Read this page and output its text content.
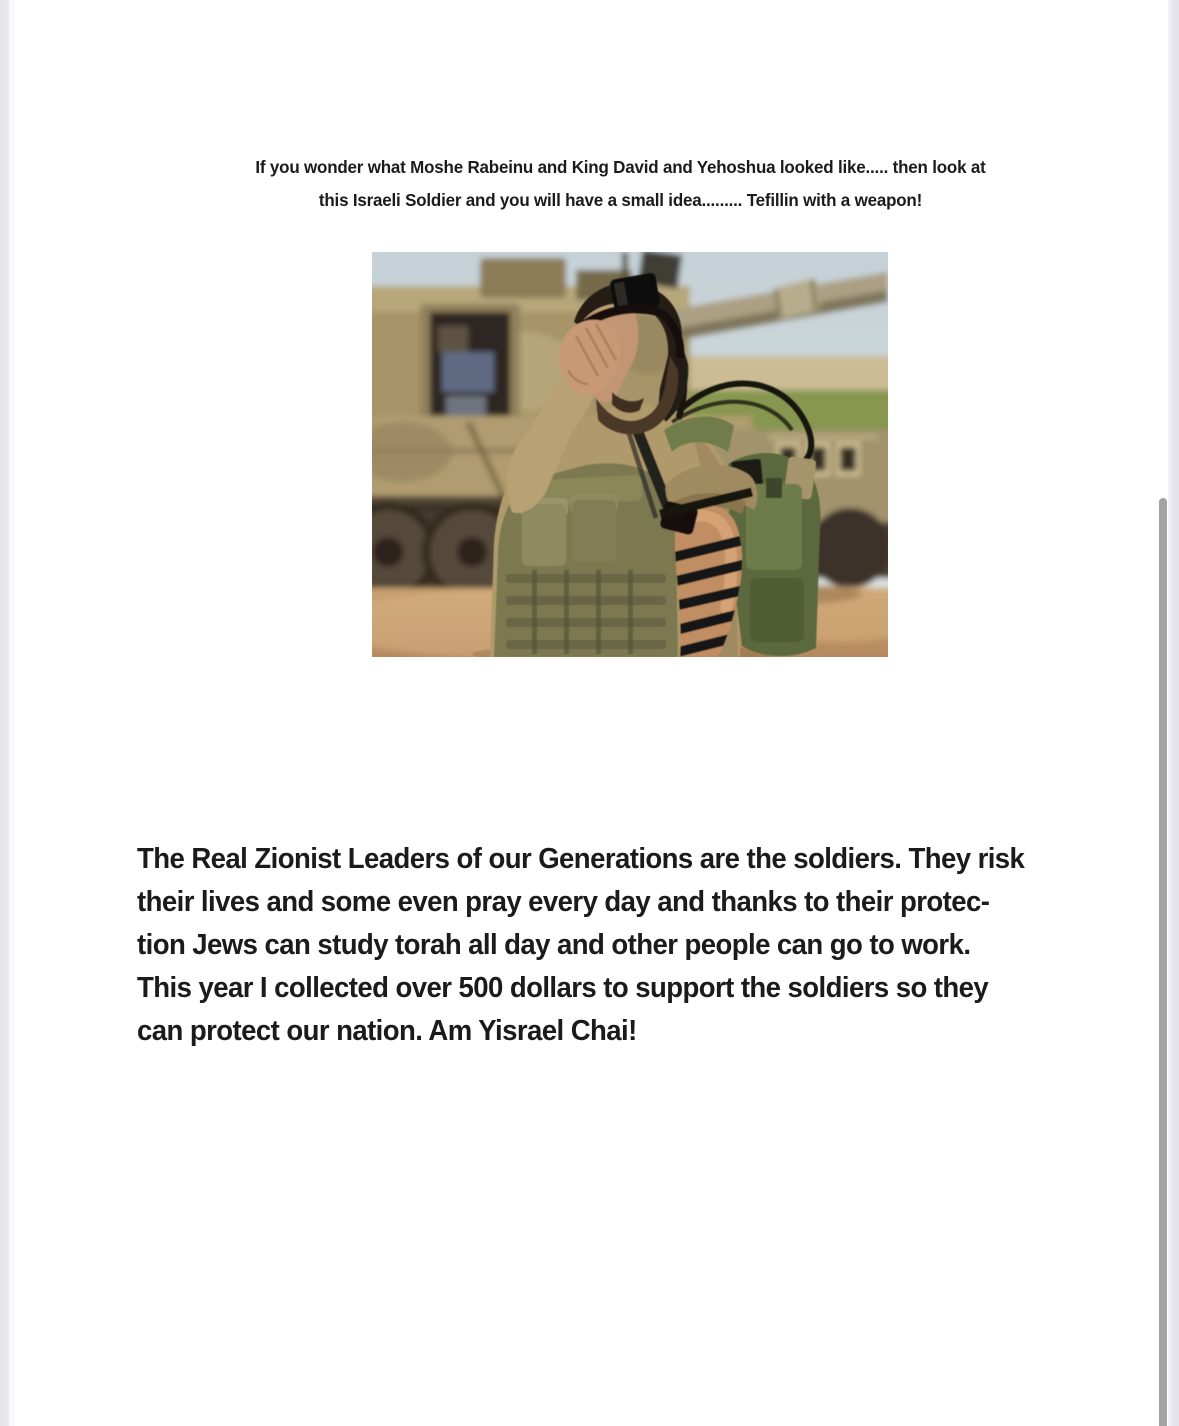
If you wonder what Moshe Rabeinu and King David and Yehoshua looked like..... then look at
this Israeli Soldier and you will have a small idea......... Tefillin with a weapon!
The Real Zionist Leaders of our Generations are the soldiers. They risk
their lives and some even pray every day and thanks to their protec-
tion Jews can study torah all day and other people can go to work.
This year I collected over 500 dollars to support the soldiers so they
can protect our nation. Am Yisrael Chai!
